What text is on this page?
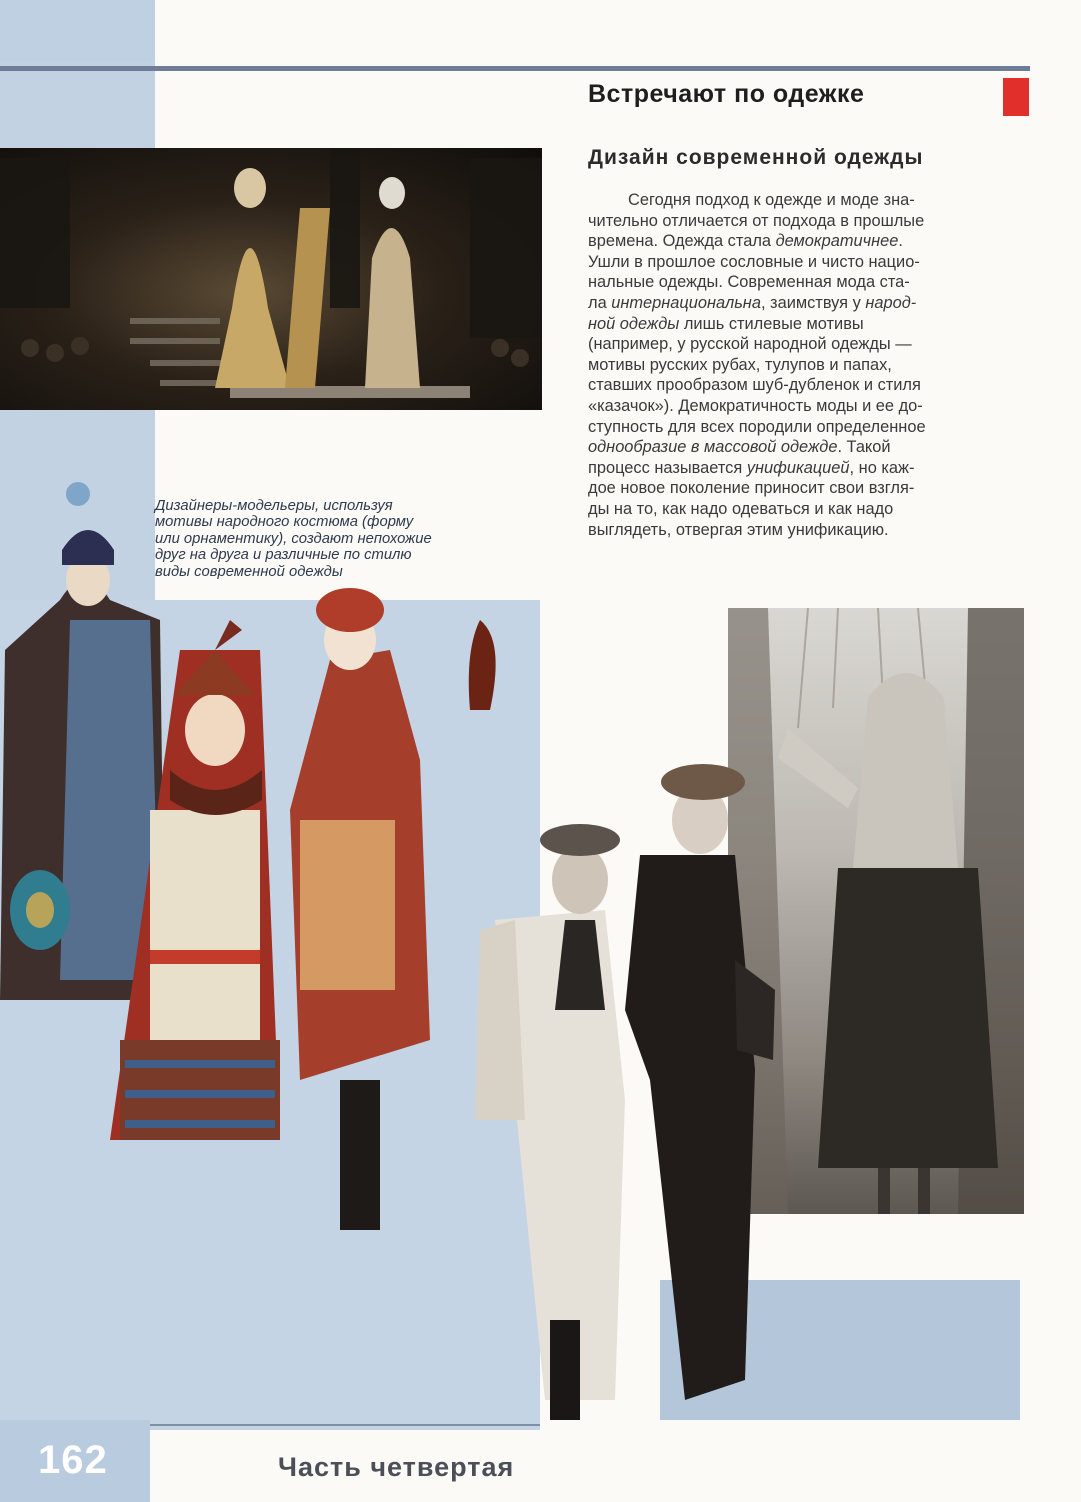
Встречают по одежке
Дизайн современной одежды
Сегодня подход к одежде и моде зна-
чительно отличается от подхода в прошлые
времена. Одежда стала демократичнее.
Ушли в прошлое сословные и чисто нацио-
нальные одежды. Современная мода ста-
ла интернациональна, заимствуя у народ-
ной одежды лишь стилевые мотивы
(например, у русской народной одежды —
мотивы русских рубах, тулупов и папах,
ставших прообразом шуб-дубленок и стиля
«казачок»). Демократичность моды и ее до-
ступность для всех породили определенное
однообразие в массовой одежде. Такой
процесс называется унификацией, но каж-
дое новое поколение приносит свои взгля-
ды на то, как надо одеваться и как надо
выглядеть, отвергая этим унификацию.
Дизайнеры-модельеры, используя
мотивы народного костюма (форму
или орнаментику), создают непохожие
друг на друга и различные по стилю
виды современной одежды
162	Часть четвертая
